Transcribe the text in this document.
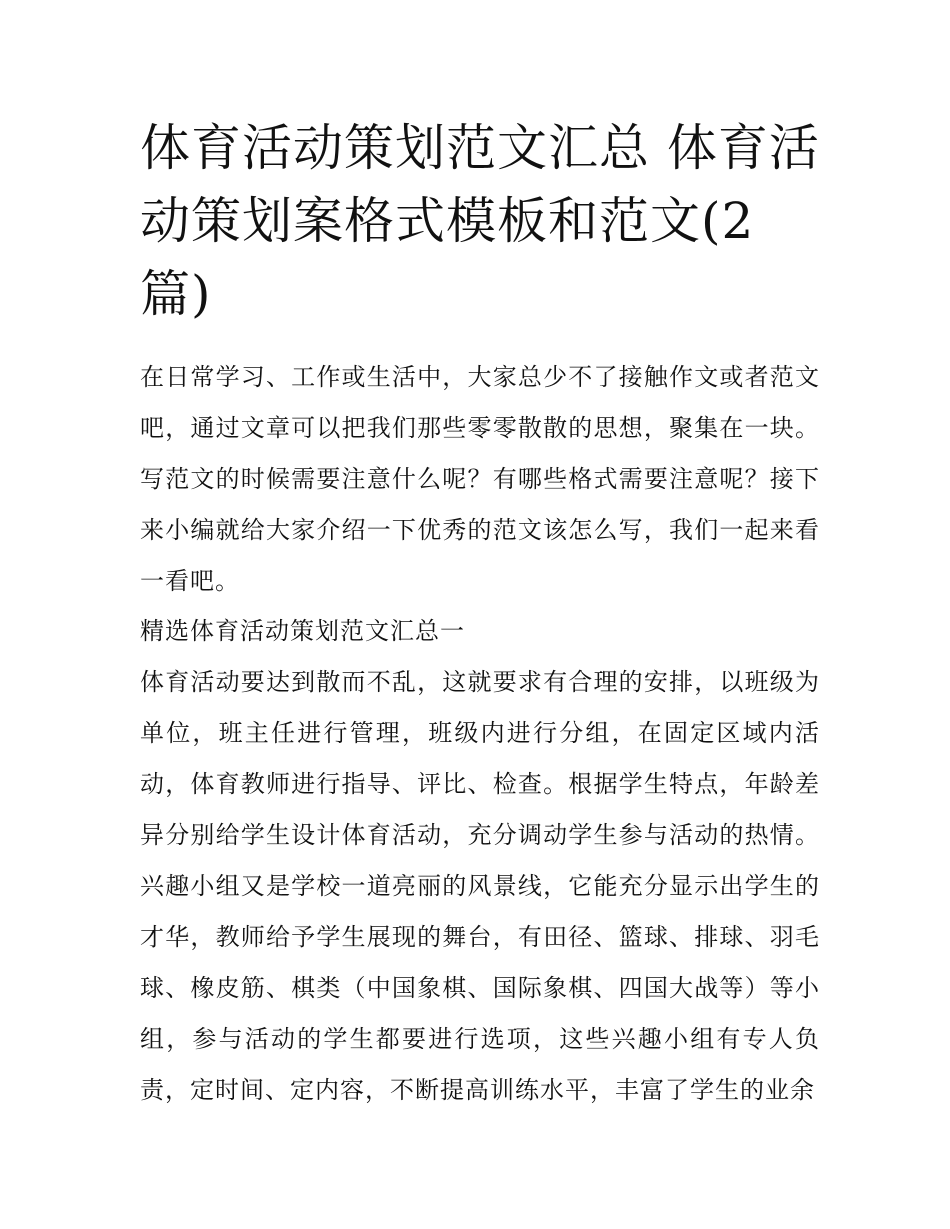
体育活动策划范文汇总 体育活动策划案格式模板和范文(2篇)

在日常学习、工作或生活中，大家总少不了接触作文或者范文吧，通过文章可以把我们那些零零散散的思想，聚集在一块。写范文的时候需要注意什么呢？有哪些格式需要注意呢？接下来小编就给大家介绍一下优秀的范文该怎么写，我们一起来看一看吧。

精选体育活动策划范文汇总一

体育活动要达到散而不乱，这就要求有合理的安排，以班级为单位，班主任进行管理，班级内进行分组，在固定区域内活动，体育教师进行指导、评比、检查。根据学生特点，年龄差异分别给学生设计体育活动，充分调动学生参与活动的热情。兴趣小组又是学校一道亮丽的风景线，它能充分显示出学生的才华，教师给予学生展现的舞台，有田径、篮球、排球、羽毛球、橡皮筋、棋类（中国象棋、国际象棋、四国大战等）等小组，参与活动的学生都要进行选项，这些兴趣小组有专人负责，定时间、定内容，不断提高训练水平，丰富了学生的业余
